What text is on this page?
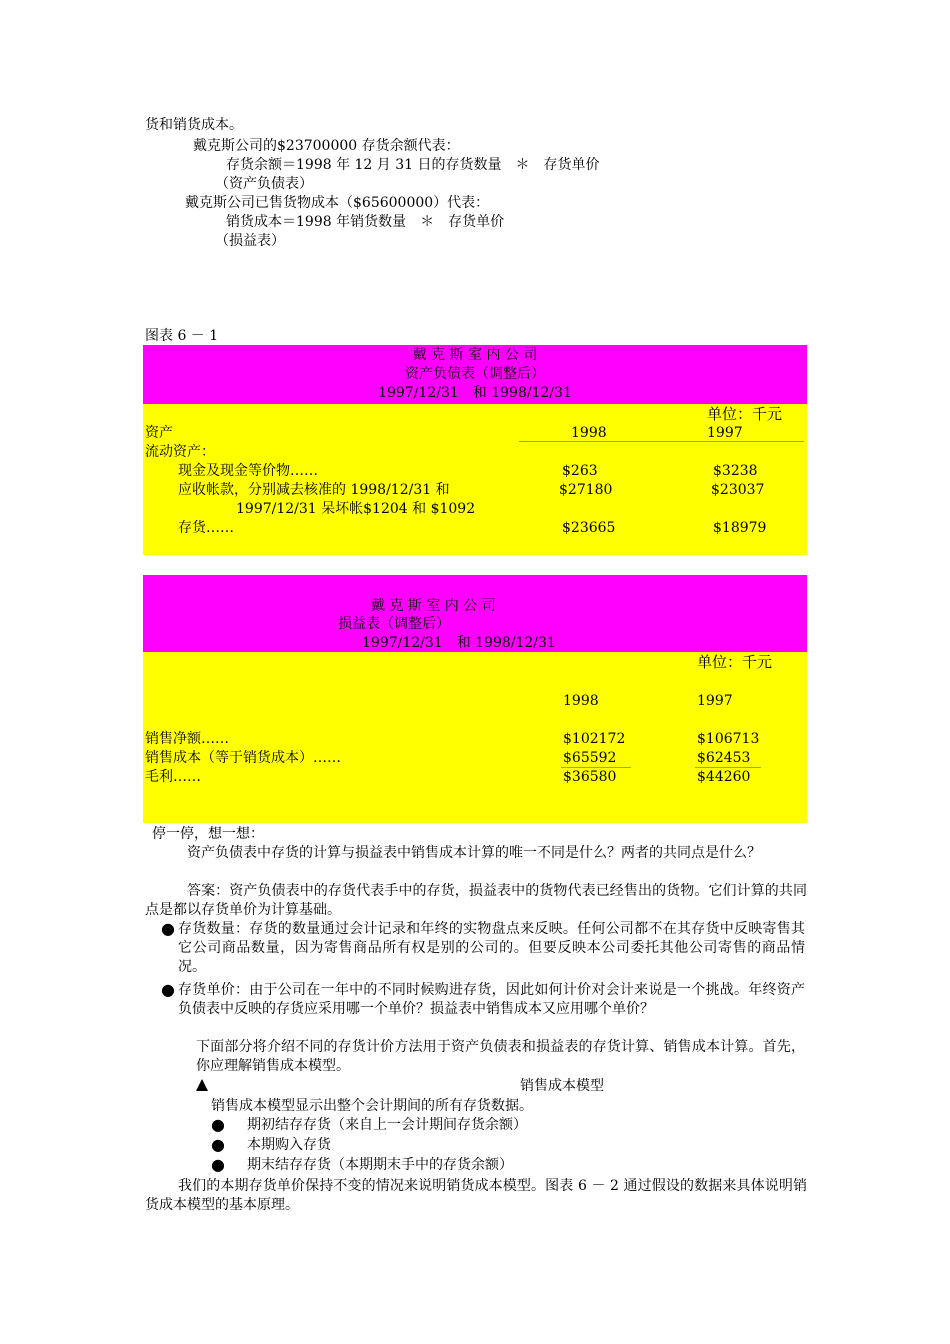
货和销货成本。
戴克斯公司的$23700000 存货余额代表：
存货余额＝1998 年 12 月 31 日的存货数量　＊　存货单价
（资产负债表）
戴克斯公司已售货物成本（$65600000）代表：
销货成本＝1998 年销货数量　＊　存货单价
（损益表）
图表 6 － 1
戴 克 斯 室 内 公 司
资产负债表（调整后）
1997/12/31　和 1998/12/31
单位：千元
资产	1998	1997
流动资产：
现金及现金等价物……	$263	$3238
应收帐款，分别减去核准的 1998/12/31 和	$27180	$23037
1997/12/31 呆坏帐$1204 和 $1092
存货……	$23665	$18979
戴 克 斯 室 内 公 司
损益表（调整后）
1997/12/31　和 1998/12/31
单位：千元
1998	1997
销售净额……	$102172	$106713
销售成本（等于销货成本）……	$65592	$62453
毛利……	$36580	$44260
停一停，想一想：
资产负债表中存货的计算与损益表中销售成本计算的唯一不同是什么？两者的共同点是什么？
答案：资产负债表中的存货代表手中的存货，损益表中的货物代表已经售出的货物。它们计算的共同点是都以存货单价为计算基础。
● 存货数量：存货的数量通过会计记录和年终的实物盘点来反映。任何公司都不在其存货中反映寄售其它公司商品数量，因为寄售商品所有权是别的公司的。但要反映本公司委托其他公司寄售的商品情况。
● 存货单价：由于公司在一年中的不同时候购进存货，因此如何计价对会计来说是一个挑战。年终资产负债表中反映的存货应采用哪一个单价？损益表中销售成本又应用哪个单价？
下面部分将介绍不同的存货计价方法用于资产负债表和损益表的存货计算、销售成本计算。首先，你应理解销售成本模型。
销售成本模型
销售成本模型显示出整个会计期间的所有存货数据。
● 期初结存存货（来自上一会计期间存货余额）
● 本期购入存货
● 期末结存存货（本期期末手中的存货余额）
我们的本期存货单价保持不变的情况来说明销货成本模型。图表 6 － 2 通过假设的数据来具体说明销货成本模型的基本原理。
